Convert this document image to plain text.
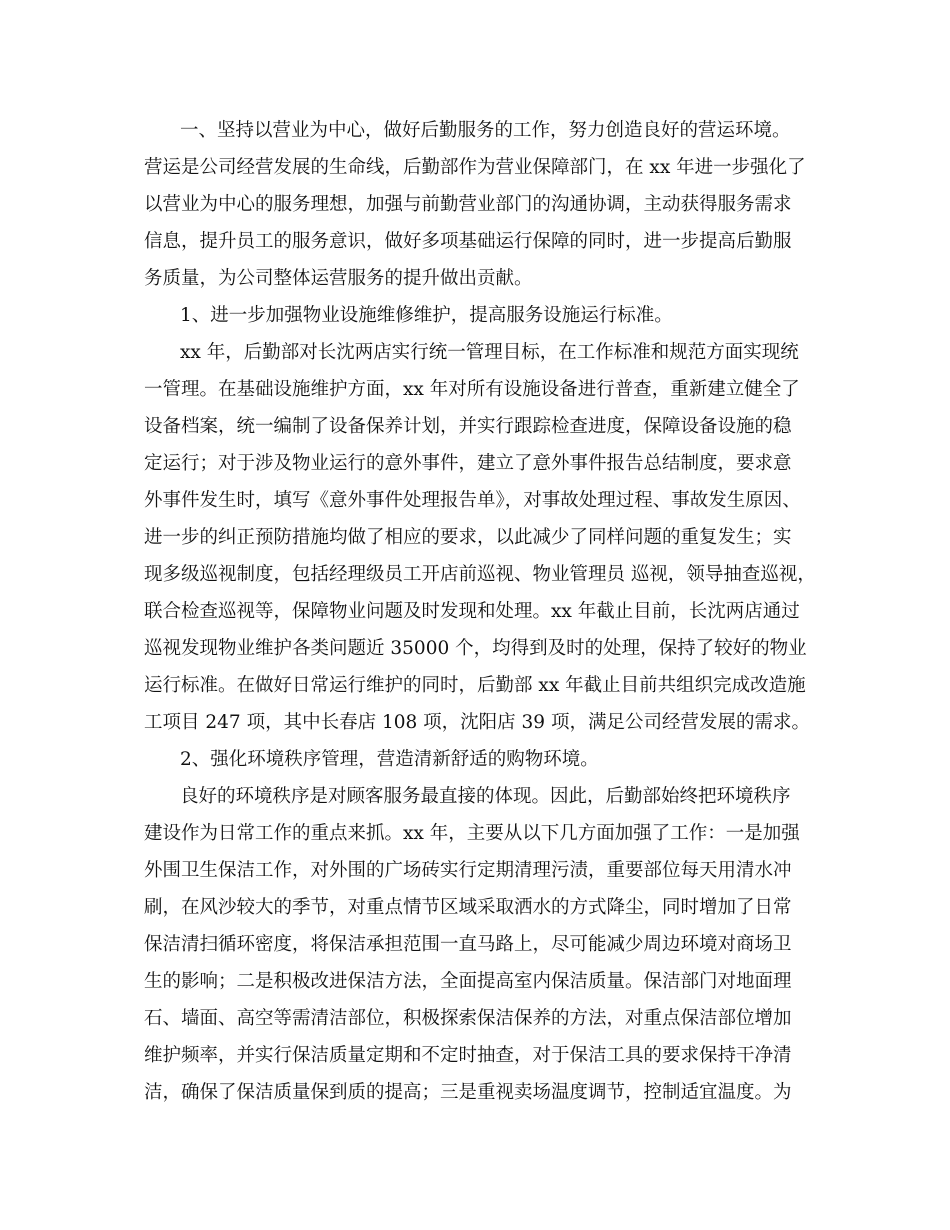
一、坚持以营业为中心，做好后勤服务的工作，努力创造良好的营运环境。
营运是公司经营发展的生命线，后勤部作为营业保障部门，在 xx 年进一步强化了
以营业为中心的服务理想，加强与前勤营业部门的沟通协调，主动获得服务需求
信息，提升员工的服务意识，做好多项基础运行保障的同时，进一步提高后勤服
务质量，为公司整体运营服务的提升做出贡献。
1、进一步加强物业设施维修维护，提高服务设施运行标准。
xx 年，后勤部对长沈两店实行统一管理目标，在工作标准和规范方面实现统
一管理。在基础设施维护方面，xx 年对所有设施设备进行普查，重新建立健全了
设备档案，统一编制了设备保养计划，并实行跟踪检查进度，保障设备设施的稳
定运行；对于涉及物业运行的意外事件，建立了意外事件报告总结制度，要求意
外事件发生时，填写《意外事件处理报告单》，对事故处理过程、事故发生原因、
进一步的纠正预防措施均做了相应的要求，以此减少了同样问题的重复发生；实
现多级巡视制度，包括经理级员工开店前巡视、物业管理员 巡视，领导抽查巡视，
联合检查巡视等，保障物业问题及时发现和处理。xx 年截止目前，长沈两店通过
巡视发现物业维护各类问题近 35000 个，均得到及时的处理，保持了较好的物业
运行标准。在做好日常运行维护的同时，后勤部 xx 年截止目前共组织完成改造施
工项目 247 项，其中长春店 108 项，沈阳店 39 项，满足公司经营发展的需求。
2、强化环境秩序管理，营造清新舒适的购物环境。
良好的环境秩序是对顾客服务最直接的体现。因此，后勤部始终把环境秩序
建设作为日常工作的重点来抓。xx 年，主要从以下几方面加强了工作：一是加强
外围卫生保洁工作，对外围的广场砖实行定期清理污渍，重要部位每天用清水冲
刷，在风沙较大的季节，对重点情节区域采取洒水的方式降尘，同时增加了日常
保洁清扫循环密度，将保洁承担范围一直马路上，尽可能减少周边环境对商场卫
生的影响；二是积极改进保洁方法，全面提高室内保洁质量。保洁部门对地面理
石、墙面、高空等需清洁部位，积极探索保洁保养的方法，对重点保洁部位增加
维护频率，并实行保洁质量定期和不定时抽查，对于保洁工具的要求保持干净清
洁，确保了保洁质量保到质的提高；三是重视卖场温度调节，控制适宜温度。为
